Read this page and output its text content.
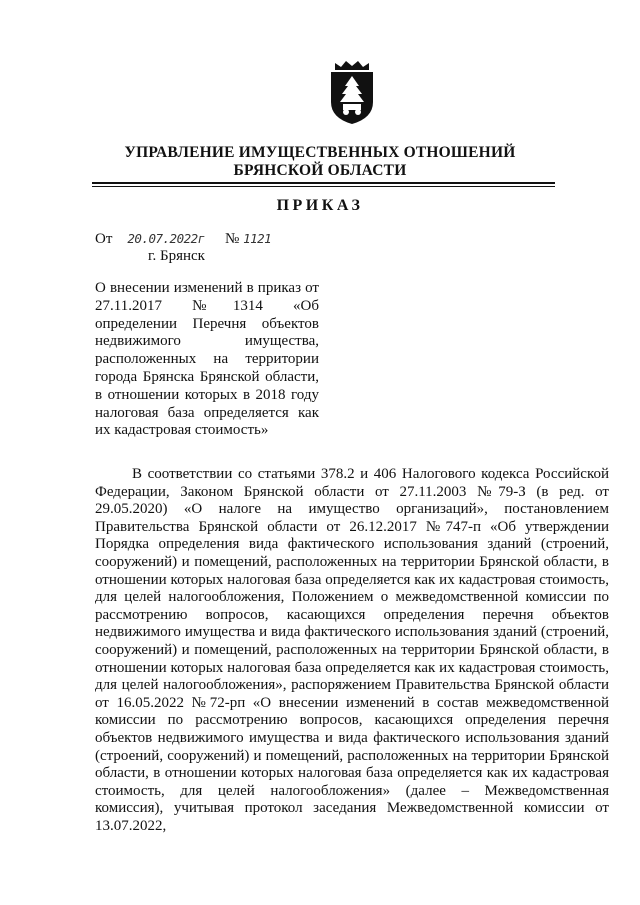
УПРАВЛЕНИЕ ИМУЩЕСТВЕННЫХ ОТНОШЕНИЙ
БРЯНСКОЙ ОБЛАСТИ
ПРИКАЗ
От 20.07.2022г № 1121
г. Брянск

О внесении изменений в приказ от 27.11.2017 №1314 «Об определении Перечня объектов недвижимого имущества, расположенных на территории города Брянска Брянской области, в отношении которых в 2018 году налоговая база определяется как их кадастровая стоимость»

В соответствии со статьями 378.2 и 406 Налогового кодекса Российской Федерации, Законом Брянской области от 27.11.2003 №79-З (в ред. от 29.05.2020) «О налоге на имущество организаций», постановлением Правительства Брянской области от 26.12.2017 №747-п «Об утверждении Порядка определения вида фактического использования зданий (строений, сооружений) и помещений, расположенных на территории Брянской области, в отношении которых налоговая база определяется как их кадастровая стоимость, для целей налогообложения, Положением о межведомственной комиссии по рассмотрению вопросов, касающихся определения перечня объектов недвижимого имущества и вида фактического использования зданий (строений, сооружений) и помещений, расположенных на территории Брянской области, в отношении которых налоговая база определяется как их кадастровая стоимость, для целей налогообложения», распоряжением Правительства Брянской области от 16.05.2022 №72-рп «О внесении изменений в состав межведомственной комиссии по рассмотрению вопросов, касающихся определения перечня объектов недвижимого имущества и вида фактического использования зданий (строений, сооружений) и помещений, расположенных на территории Брянской области, в отношении которых налоговая база определяется как их кадастровая стоимость, для целей налогообложения» (далее – Межведомственная комиссия), учитывая протокол заседания Межведомственной комиссии от 13.07.2022,
